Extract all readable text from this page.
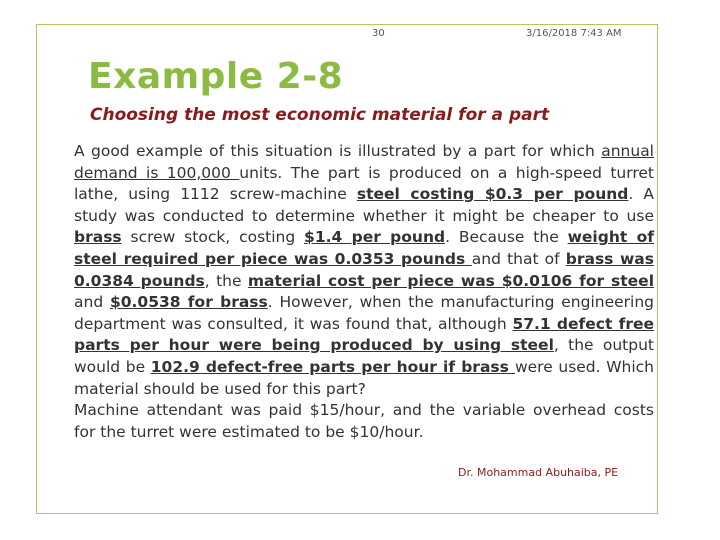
30	3/16/2018 7:43 AM
Example 2-8
Choosing the most economic material for a part

A good example of this situation is illustrated by a part for which annual demand is 100,000 units. The part is produced on a high-speed turret lathe, using 1112 screw-machine steel costing $0.3 per pound. A study was conducted to determine whether it might be cheaper to use brass screw stock, costing $1.4 per pound. Because the weight of steel required per piece was 0.0353 pounds and that of brass was 0.0384 pounds, the material cost per piece was $0.0106 for steel and $0.0538 for brass. However, when the manufacturing engineering department was consulted, it was found that, although 57.1 defect free parts per hour were being produced by using steel, the output would be 102.9 defect-free parts per hour if brass were used. Which material should be used for this part?

Machine attendant was paid $15/hour, and the variable overhead costs for the turret were estimated to be $10/hour.

Dr. Mohammad Abuhaiba, PE
